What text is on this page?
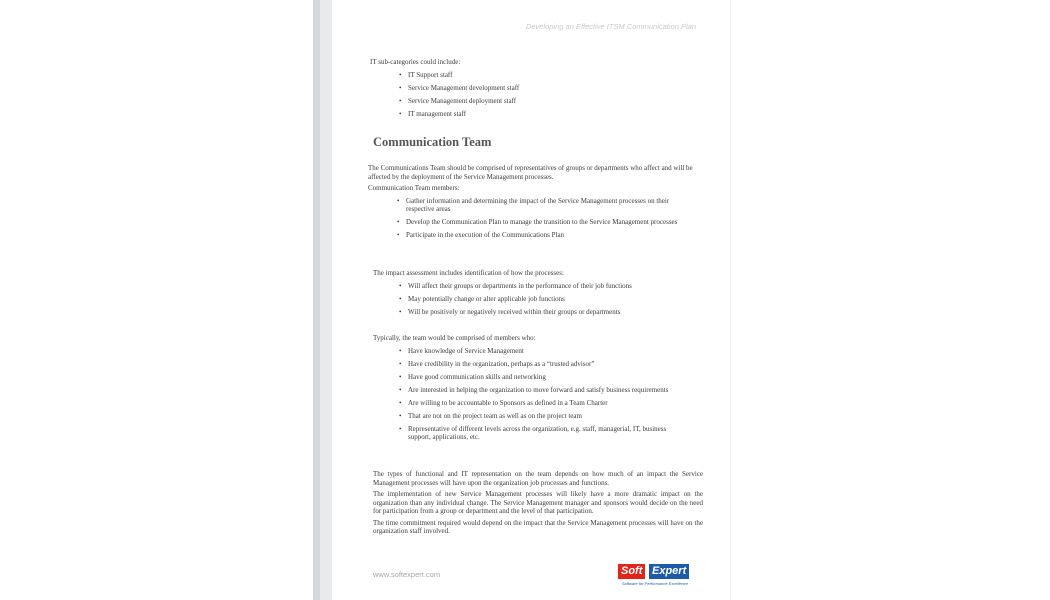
Developing an Effective ITSM Communication Plan

IT sub-categories could include:

• IT Support staff
• Service Management development staff
• Service Management deployment staff
• IT management staff
Communication Team

The Communications Team should be comprised of representatives of groups or departments who affect and will be affected by the deployment of the Service Management processes.

Communication Team members:

• Gather information and determining the impact of the Service Management processes on their respective areas
• Develop the Communication Plan to manage the transition to the Service Management processes
• Participate in the execution of the Communications Plan

The impact assessment includes identification of how the processes:

• Will affect their groups or departments in the performance of their job functions
• May potentially change or alter applicable job functions
• Will be positively or negatively received within their groups or departments

Typically, the team would be comprised of members who:

• Have knowledge of Service Management
• Have credibility in the organization, perhaps as a “trusted advisor”
• Have good communication skills and networking
• Are interested in helping the organization to move forward and satisfy business requirements
• Are willing to be accountable to Sponsors as defined in a Team Charter
• That are not on the project team as well as on the project team
• Representative of different levels across the organization, e.g. staff, managerial, IT, business support, applications, etc.

The types of functional and IT representation on the team depends on how much of an impact the Service Management processes will have upon the organization job processes and functions.

The implementation of new Service Management processes will likely have a more dramatic impact on the organization than any individual change. The Service Management manager and sponsors would decide on the need for participation from a group or department and the level of that participation.

The time commitment required would depend on the impact that the Service Management processes will have on the organization staff involved.

www.softexpert.com	Soft Expert
Software for Performance Excellence
